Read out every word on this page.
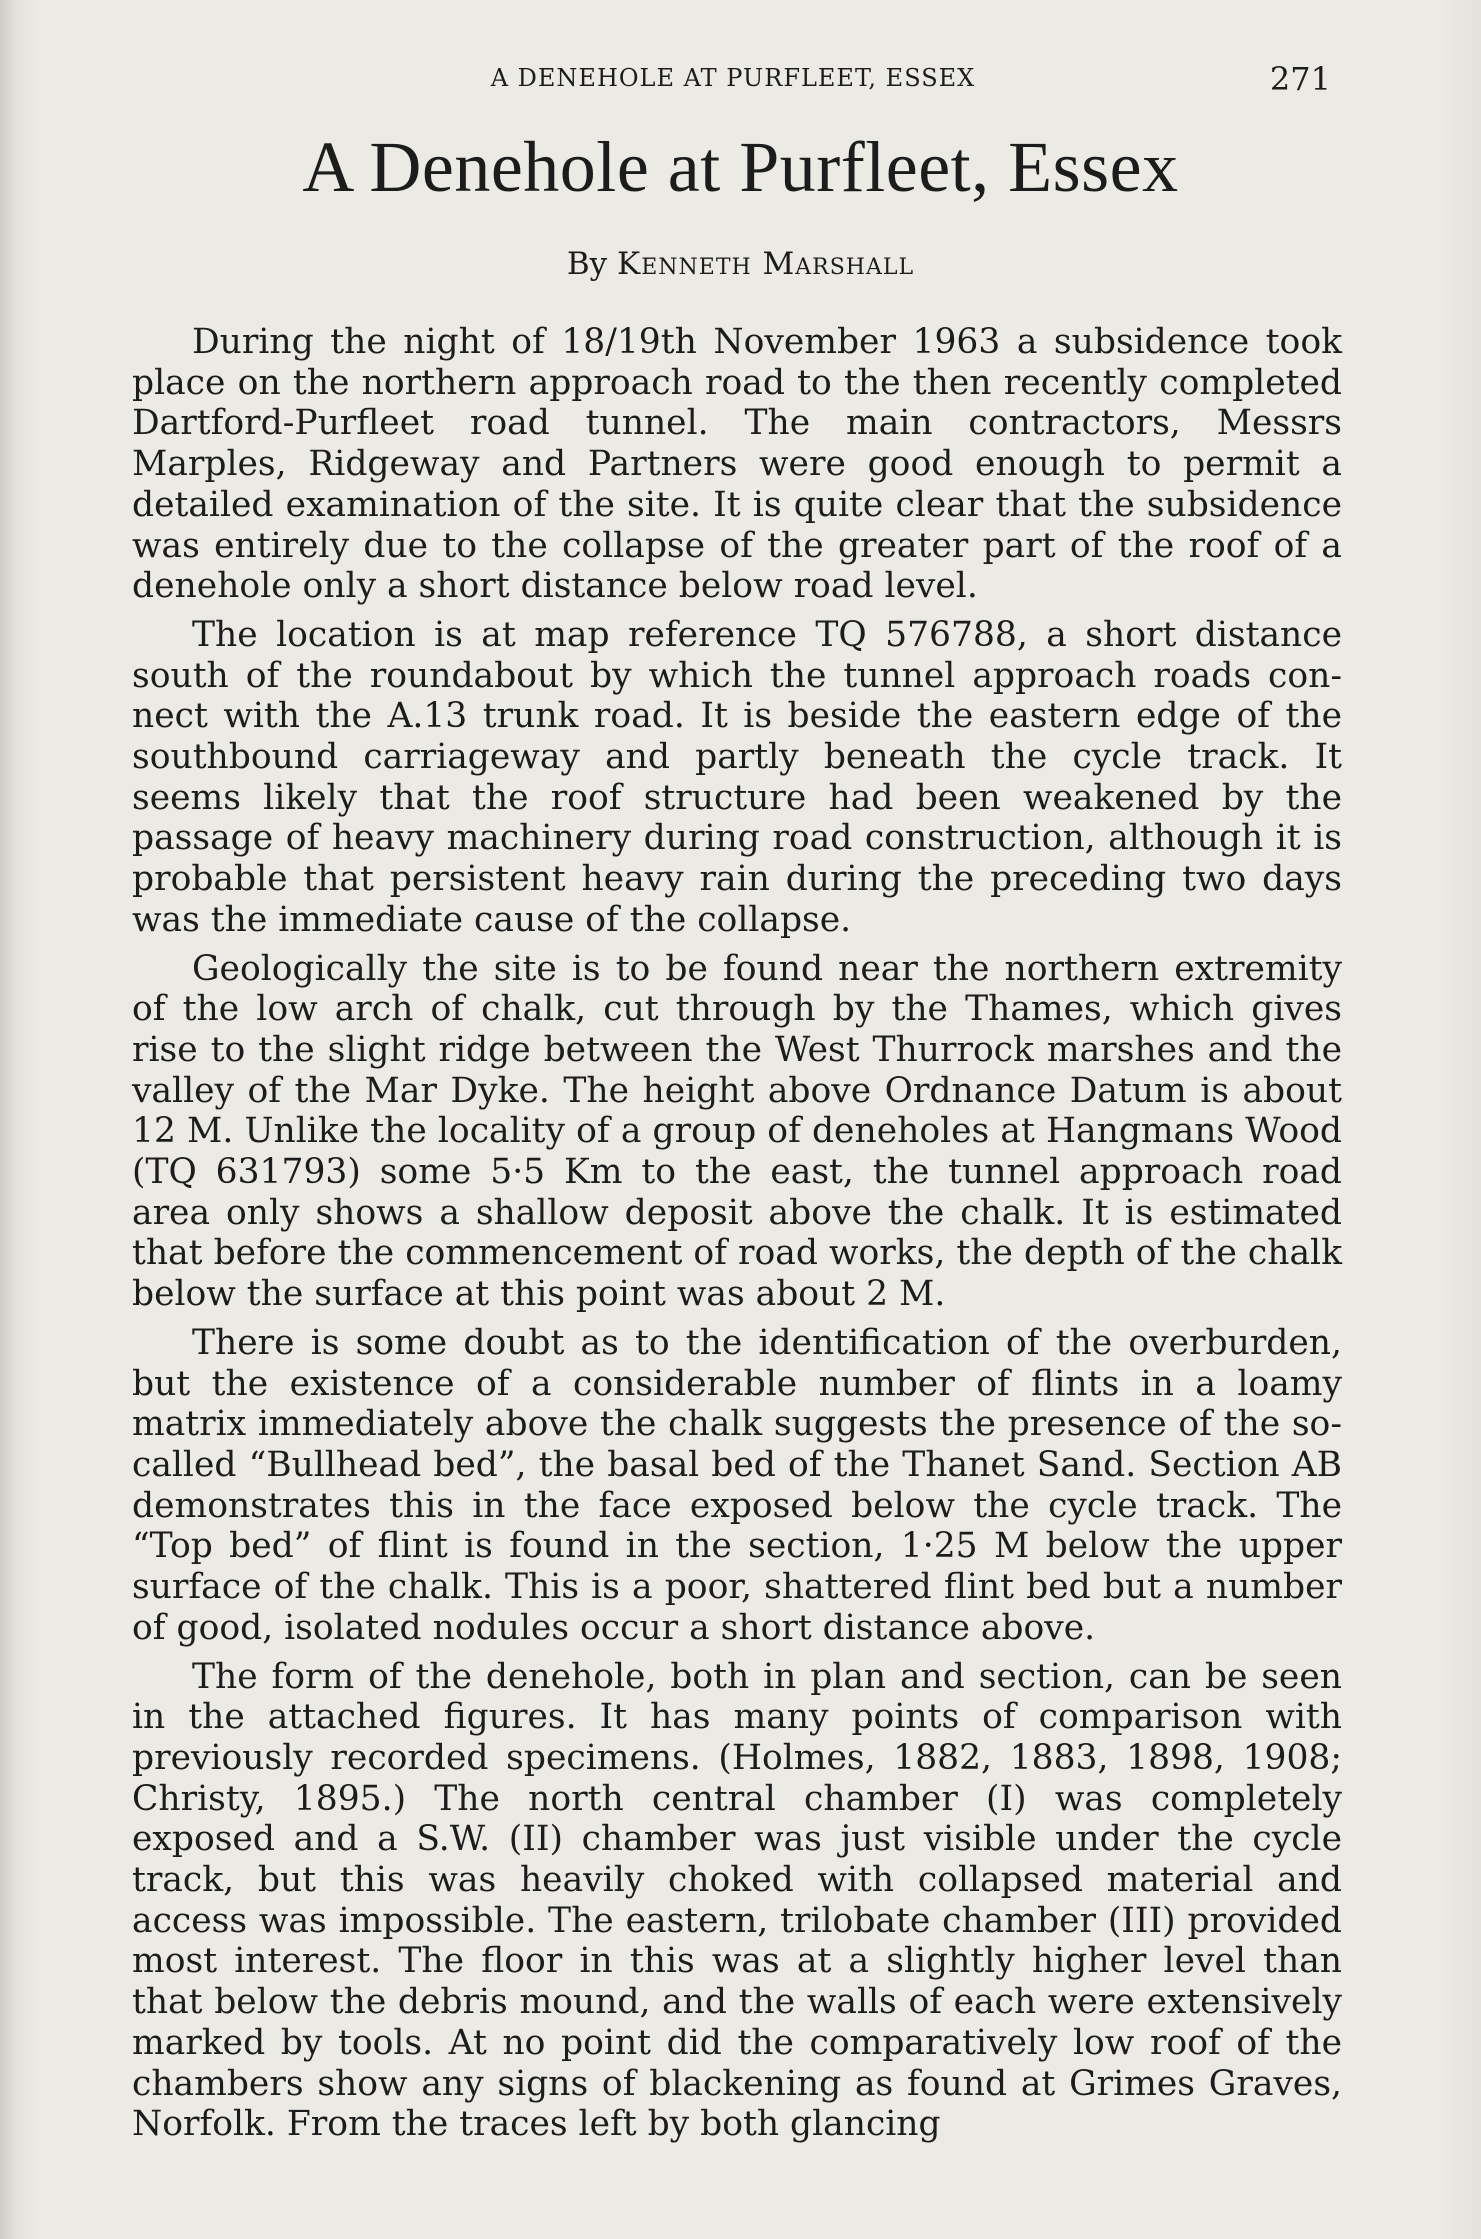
A DENEHOLE AT PURFLEET, ESSEX	271
A Denehole at Purfleet, Essex
By Kenneth Marshall

During the night of 18/19th November 1963 a subsidence took place on the northern approach road to the then recently completed Dartford-Purfleet road tunnel. The main contractors, Messrs Marples, Ridgeway and Partners were good enough to permit a detailed examination of the site. It is quite clear that the subsidence was entirely due to the collapse of the greater part of the roof of a denehole only a short distance below road level.

The location is at map reference TQ 576788, a short distance south of the roundabout by which the tunnel approach roads connect with the A.13 trunk road. It is beside the eastern edge of the southbound carriageway and partly beneath the cycle track. It seems likely that the roof structure had been weakened by the passage of heavy machinery during road construction, although it is probable that persistent heavy rain during the preceding two days was the immediate cause of the collapse.

Geologically the site is to be found near the northern extremity of the low arch of chalk, cut through by the Thames, which gives rise to the slight ridge between the West Thurrock marshes and the valley of the Mar Dyke. The height above Ordnance Datum is about 12 M. Unlike the locality of a group of deneholes at Hangmans Wood (TQ 631793) some 5·5 Km to the east, the tunnel approach road area only shows a shallow deposit above the chalk. It is estimated that before the commencement of road works, the depth of the chalk below the surface at this point was about 2 M.

There is some doubt as to the identification of the overburden, but the existence of a considerable number of flints in a loamy matrix immediately above the chalk suggests the presence of the so-called “Bullhead bed”, the basal bed of the Thanet Sand. Section AB demonstrates this in the face exposed below the cycle track. The “Top bed” of flint is found in the section, 1·25 M below the upper surface of the chalk. This is a poor, shattered flint bed but a number of good, isolated nodules occur a short distance above.

The form of the denehole, both in plan and section, can be seen in the attached figures. It has many points of comparison with previously recorded specimens. (Holmes, 1882, 1883, 1898, 1908; Christy, 1895.) The north central chamber (I) was completely exposed and a S.W. (II) chamber was just visible under the cycle track, but this was heavily choked with collapsed material and access was impossible. The eastern, trilobate chamber (III) provided most interest. The floor in this was at a slightly higher level than that below the debris mound, and the walls of each were extensively marked by tools. At no point did the comparatively low roof of the chambers show any signs of blackening as found at Grimes Graves, Norfolk. From the traces left by both glancing
